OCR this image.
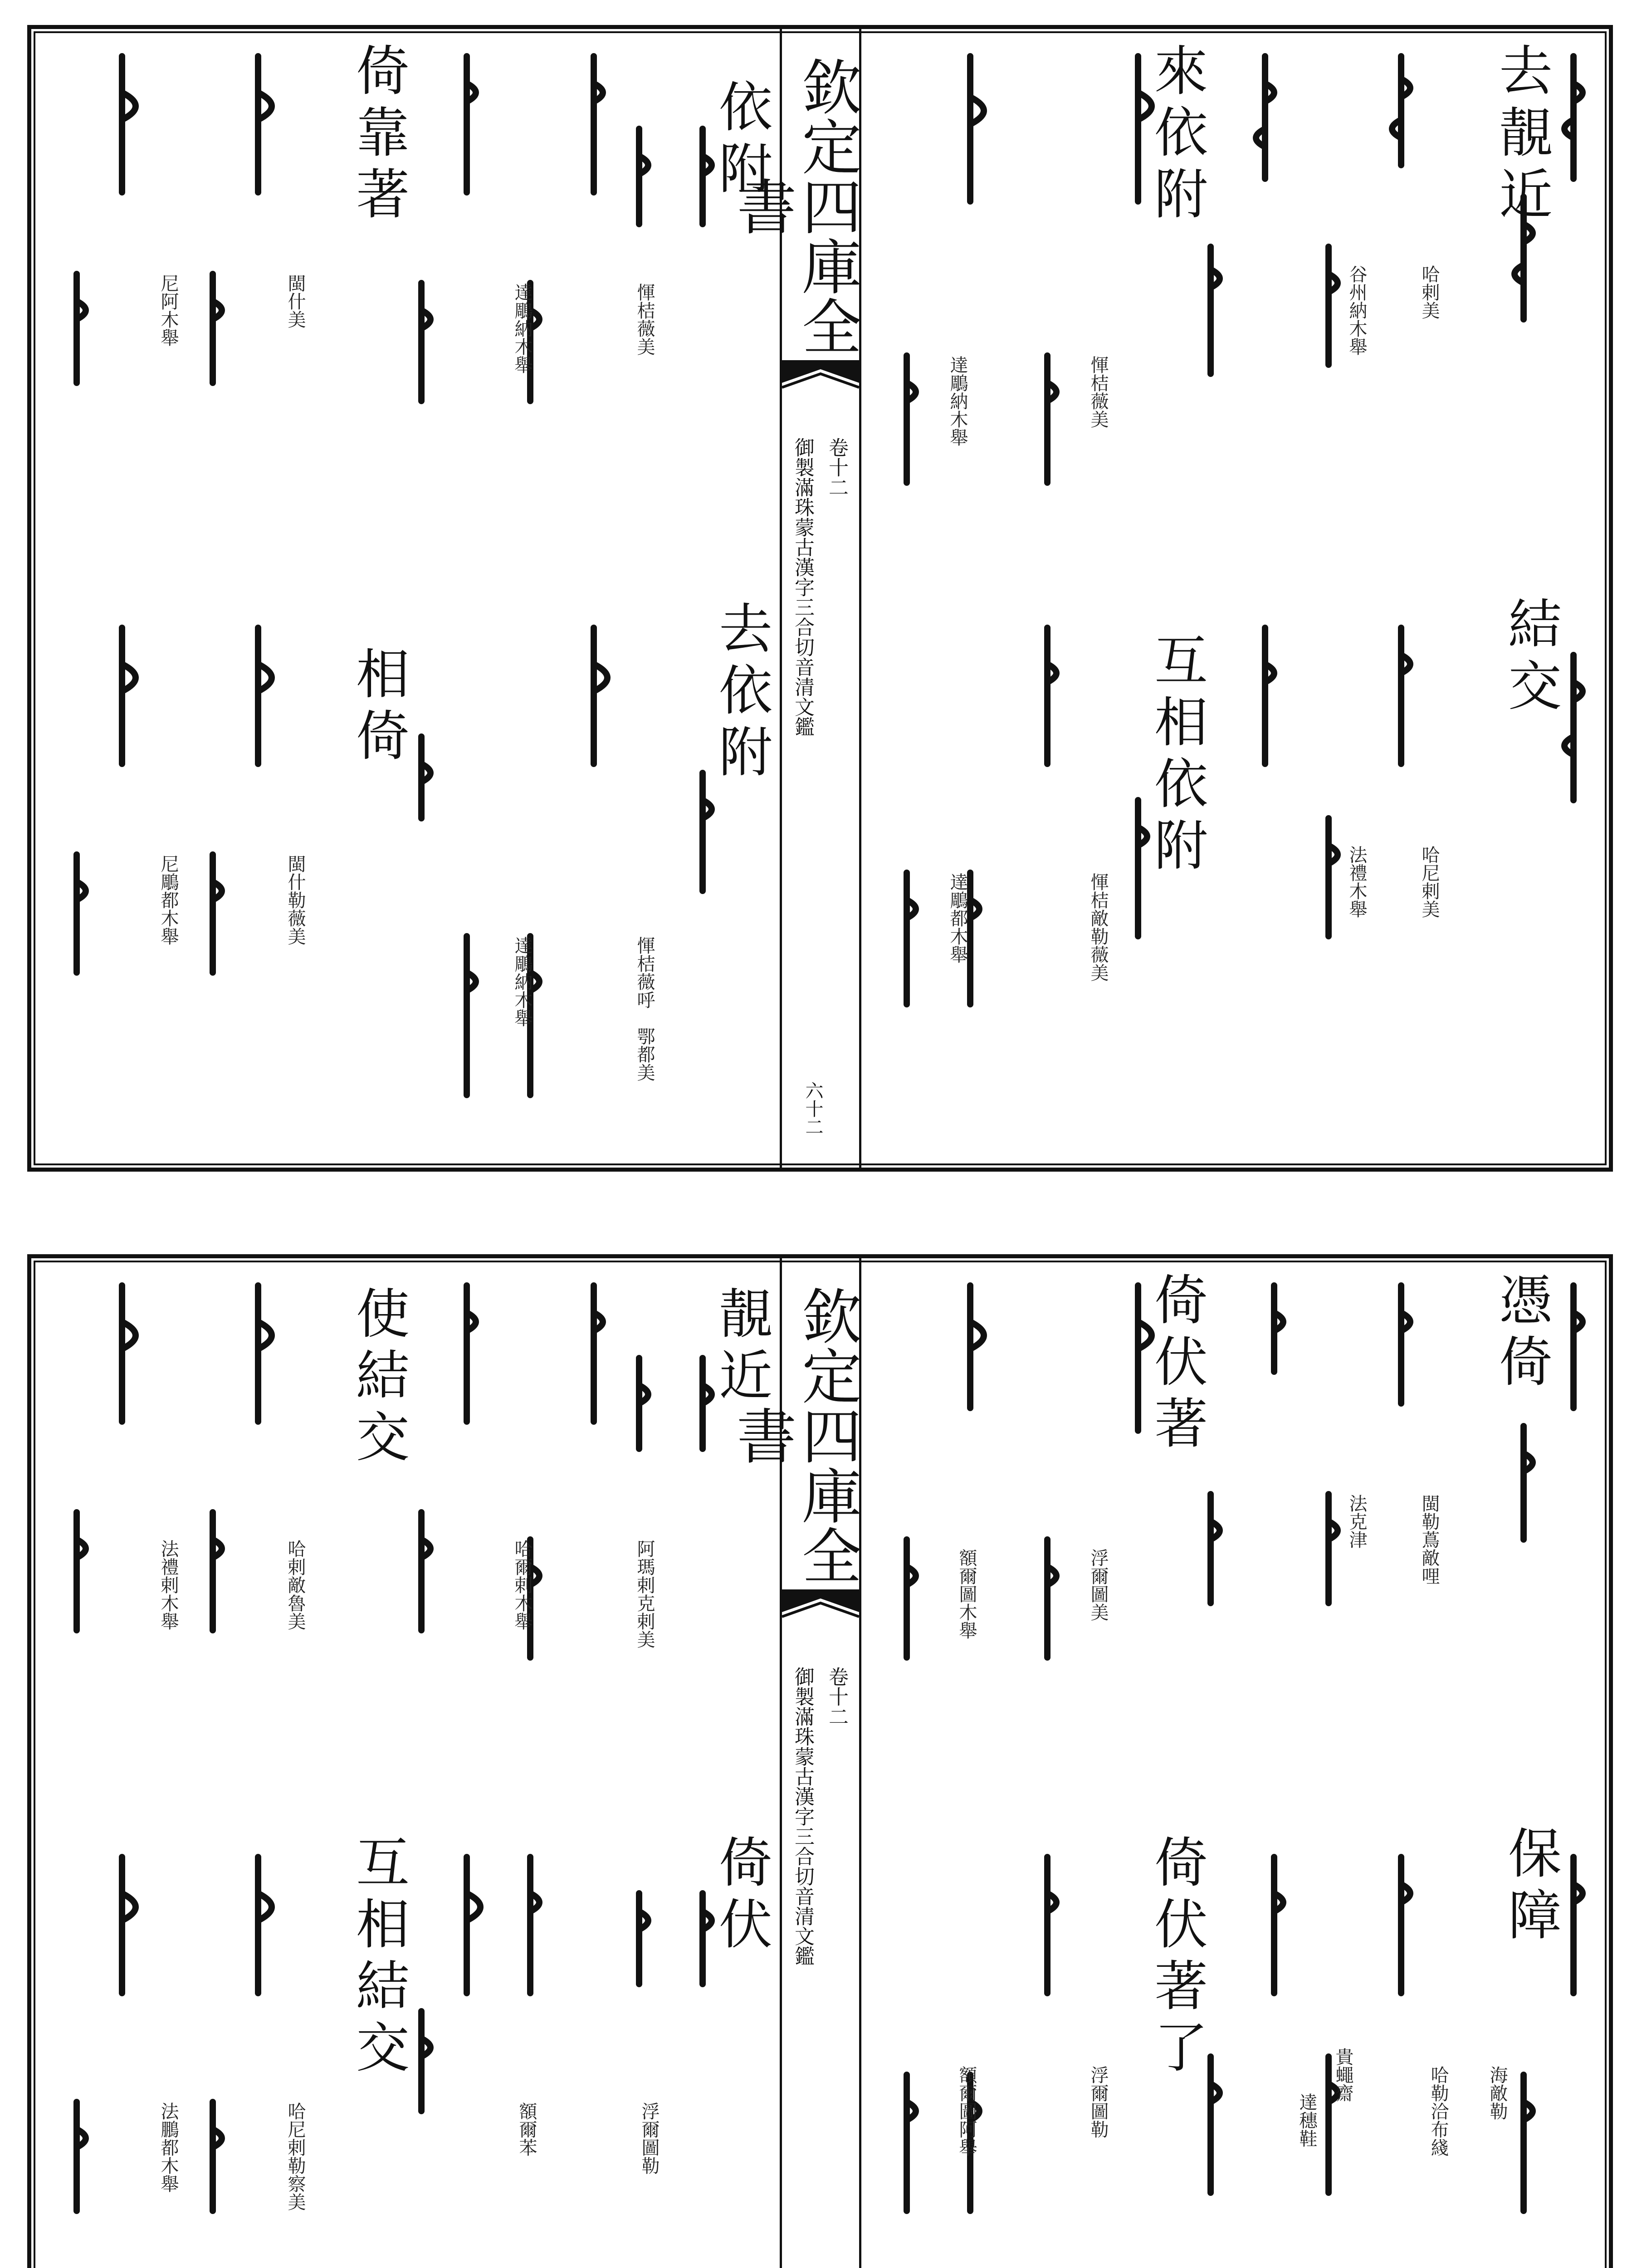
欽定四庫全書
卷十二
御製滿珠蒙古漢字三合切音清文鑑
六十二
去靚近
來依附
結交
互相依附
依附
倚靠著
去依附
相倚
哈剌美
谷州納木舉
惲桔薇美
達鵰納木舉
哈尼剌美
法禮木舉
惲桔敵勒薇美
達鵰都木舉
惲桔薇美
達鵰納木舉
尼阿木舉	閩什美
惲桔薇呼
鄂都美
達鵰納木舉
閩什勒薇美
尼鵰都木舉
欽定四庫全書
卷十二
御製滿珠蒙古漢字三合切音清文鑑
憑倚
倚伏著
保障
倚伏著了
靚近
使結交
倚伏
互相結交
閩勒蔦敵哩
法克津
海敵勒
哈勒洽布綫
貴蠅齋
達穗鞋
浮爾圖美
額爾圖木舉
浮爾圖勒
額爾圖阿舉
阿瑪剌克剌美
哈爾剌木舉
哈剌敵魯美
法禮剌木舉
浮爾圖勒
額爾苯
哈尼剌勒察美
法鵬都木舉
